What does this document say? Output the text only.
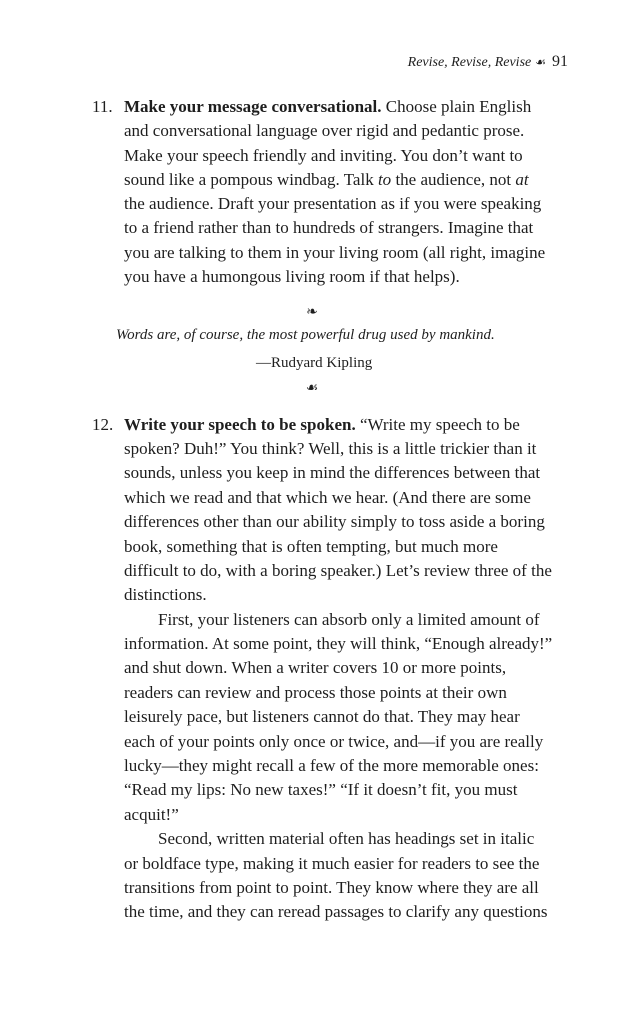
Revise, Revise, Revise ☙ 91
11. Make your message conversational. Choose plain English
and conversational language over rigid and pedantic prose.
Make your speech friendly and inviting. You don’t want to
sound like a pompous windbag. Talk to the audience, not at
the audience. Draft your presentation as if you were speaking
to a friend rather than to hundreds of strangers. Imagine that
you are talking to them in your living room (all right, imagine
you have a humongous living room if that helps).
❧
Words are, of course, the most powerful drug used by mankind.
—Rudyard Kipling
☙
12. Write your speech to be spoken. “Write my speech to be
spoken? Duh!” You think? Well, this is a little trickier than it
sounds, unless you keep in mind the differences between that
which we read and that which we hear. (And there are some
differences other than our ability simply to toss aside a boring
book, something that is often tempting, but much more
difficult to do, with a boring speaker.) Let’s review three of the
distinctions.
First, your listeners can absorb only a limited amount of
information. At some point, they will think, “Enough already!”
and shut down. When a writer covers 10 or more points,
readers can review and process those points at their own
leisurely pace, but listeners cannot do that. They may hear
each of your points only once or twice, and—if you are really
lucky—they might recall a few of the more memorable ones:
“Read my lips: No new taxes!” “If it doesn’t fit, you must
acquit!”
Second, written material often has headings set in italic
or boldface type, making it much easier for readers to see the
transitions from point to point. They know where they are all
the time, and they can reread passages to clarify any questions
